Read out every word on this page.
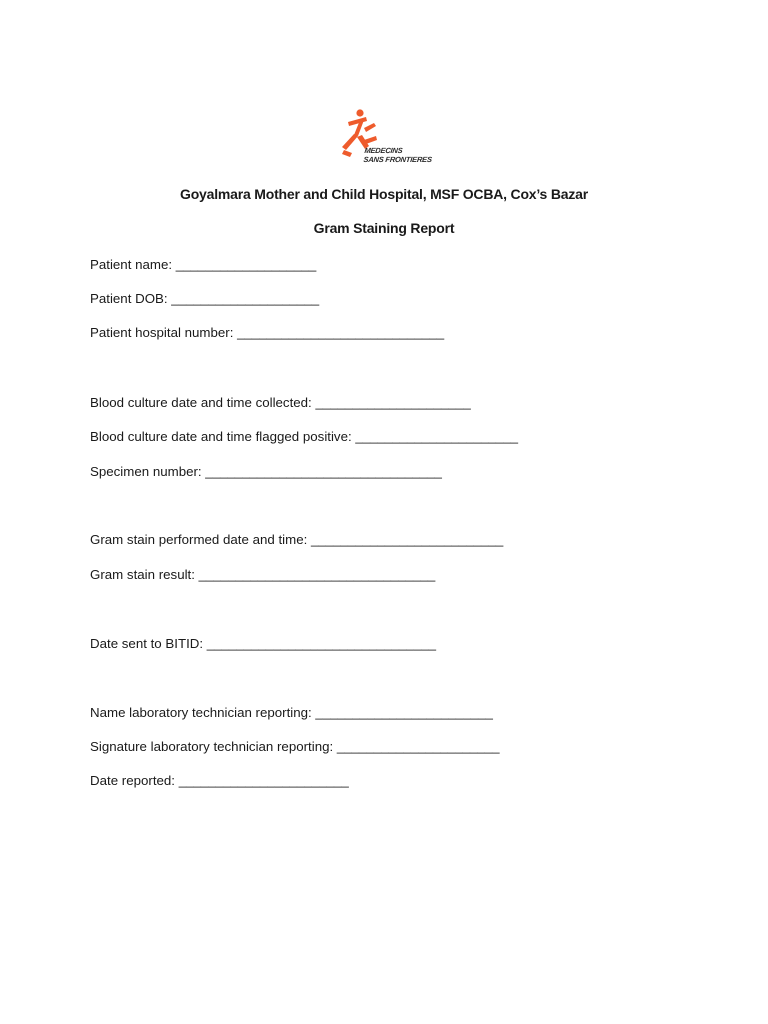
MEDECINS
SANS FRONTIERES
Goyalmara Mother and Child Hospital, MSF OCBA, Cox’s Bazar
Gram Staining Report
Patient name: ___________________
Patient DOB: ____________________
Patient hospital number: ____________________________
Blood culture date and time collected: _____________________
Blood culture date and time flagged positive: ______________________
Specimen number: ________________________________
Gram stain performed date and time: __________________________
Gram stain result: ________________________________
Date sent to BITID: _______________________________
Name laboratory technician reporting: ________________________
Signature laboratory technician reporting: ______________________
Date reported: _______________________
